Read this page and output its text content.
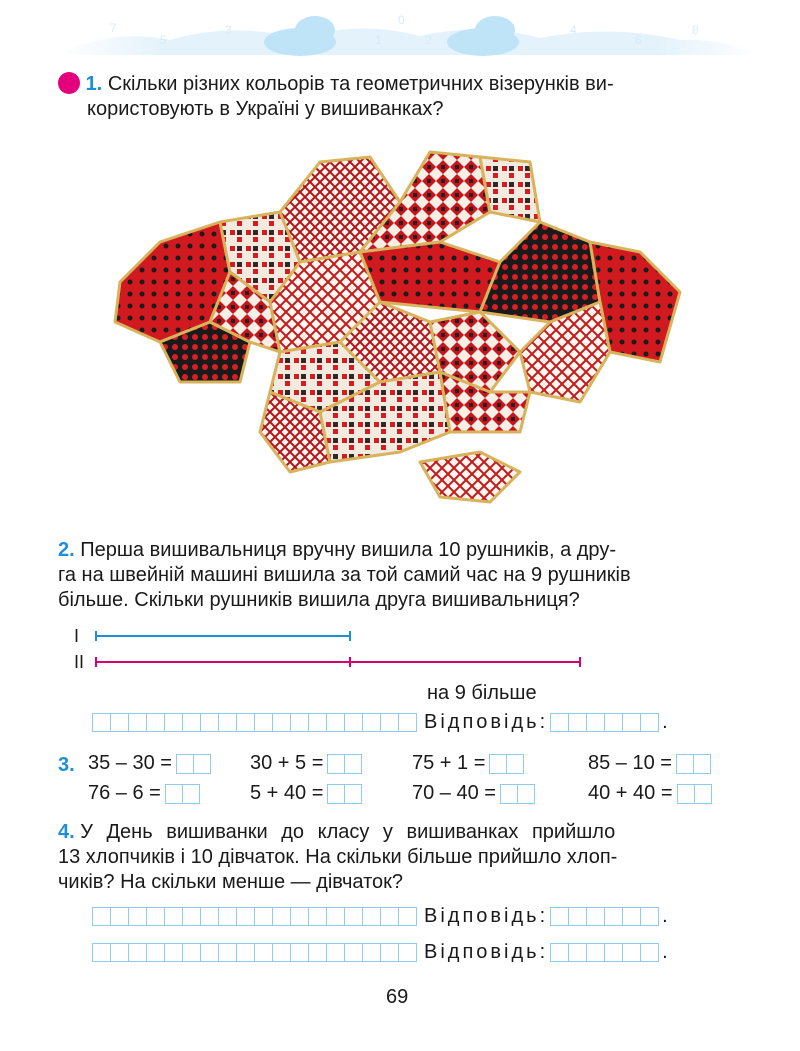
7
5
3
1
0
2
4
6
8
1. Скільки різних кольорів та геометричних візерунків ви-
користовують в Україні у вишиванках?
2. Перша вишивальниця вручну вишила 10 рушників, а дру-
га на швейній машині вишила за той самий час на 9 рушників
більше. Скільки рушників вишила друга вишивальниця?
I
II
на 9 більше
Відповідь:	.
3. 35 – 30 =	30 + 5 =	75 + 1 =	85 – 10 =
76 – 6 =	5 + 40 =	70 – 40 =	40 + 40 =
4. У День вишиванки до класу у вишиванках прийшло
13 хлопчиків і 10 дівчаток. На скільки більше прийшло хлоп-
чиків? На скільки менше — дівчаток?
Відповідь:	.
Відповідь:	.
69
